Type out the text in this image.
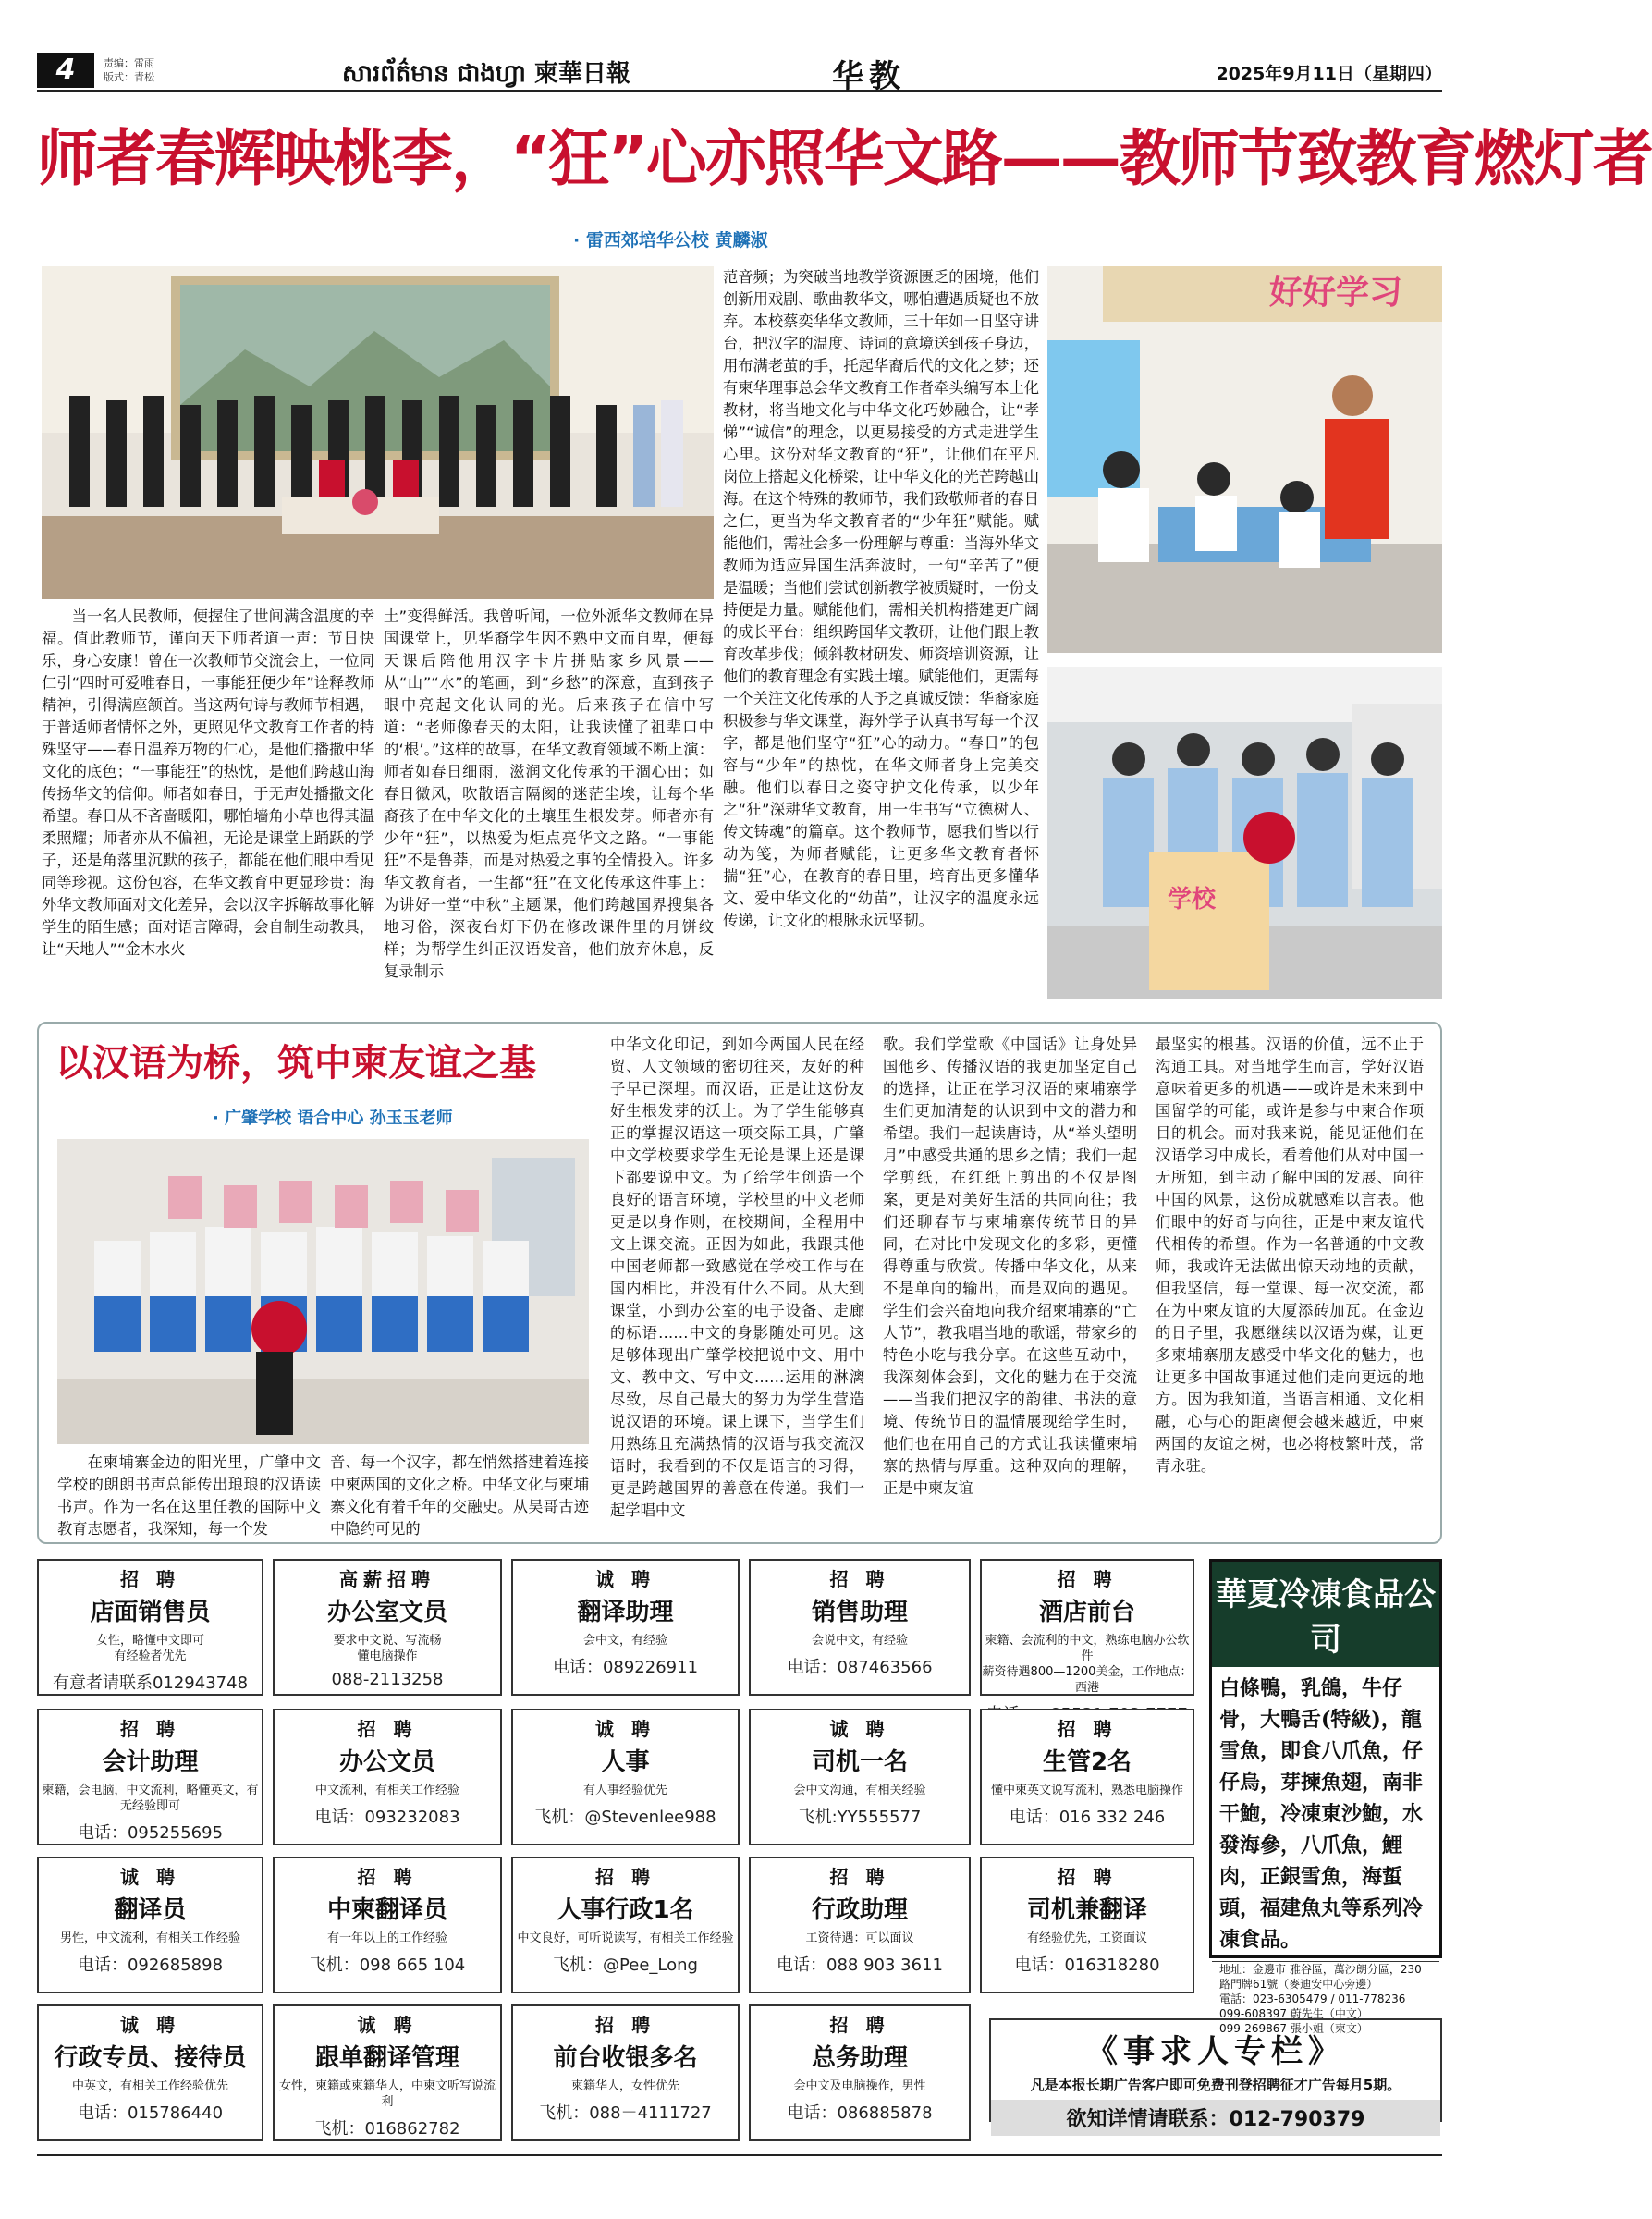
4	责编：雷雨
版式：青松	សារព័ត៌មាន ជាងហ្វា 柬華日報	华教	2025年9月11日（星期四）
师者春辉映桃李，“狂”心亦照华文路——教师节致教育燃灯者
· 雷西郊培华公校 黄麟淑
好好学习
学校

当一名人民教师，便握住了世间满含温度的幸福。值此教师节，谨向天下师者道一声：节日快乐，身心安康！曾在一次教师节交流会上，一位同仁引“四时可爱唯春日，一事能狂便少年”诠释教师精神，引得满座颔首。当这两句诗与教师节相遇，于普适师者情怀之外，更照见华文教育工作者的特殊坚守——春日温养万物的仁心，是他们播撒中华文化的底色；“一事能狂”的热忱，是他们跨越山海传扬华文的信仰。师者如春日，于无声处播撒文化希望。春日从不吝啬暖阳，哪怕墙角小草也得其温柔照耀；师者亦从不偏袒，无论是课堂上踊跃的学子，还是角落里沉默的孩子，都能在他们眼中看见同等珍视。这份包容，在华文教育中更显珍贵：海外华文教师面对文化差异，会以汉字拆解故事化解学生的陌生感；面对语言障碍，会自制生动教具，让“天地人”“金木水火

土”变得鲜活。我曾听闻，一位外派华文教师在异国课堂上，见华裔学生因不熟中文而自卑，便每天课后陪他用汉字卡片拼贴家乡风景——从“山”“水”的笔画，到“乡愁”的深意，直到孩子眼中亮起文化认同的光。后来孩子在信中写道：“老师像春天的太阳，让我读懂了祖辈口中的‘根’。”这样的故事，在华文教育领域不断上演：师者如春日细雨，滋润文化传承的干涸心田；如春日微风，吹散语言隔阂的迷茫尘埃，让每个华裔孩子在中华文化的土壤里生根发芽。师者亦有少年“狂”，以热爱为炬点亮华文之路。“一事能狂”不是鲁莽，而是对热爱之事的全情投入。许多华文教育者，一生都“狂”在文化传承这件事上：为讲好一堂“中秋”主题课，他们跨越国界搜集各地习俗，深夜台灯下仍在修改课件里的月饼纹样；为帮学生纠正汉语发音，他们放弃休息，反复录制示

范音频；为突破当地教学资源匮乏的困境，他们创新用戏剧、歌曲教华文，哪怕遭遇质疑也不放弃。本校蔡奕华华文教师，三十年如一日坚守讲台，把汉字的温度、诗词的意境送到孩子身边，用布满老茧的手，托起华裔后代的文化之梦；还有柬华理事总会华文教育工作者牵头编写本土化教材，将当地文化与中华文化巧妙融合，让“孝悌”“诚信”的理念，以更易接受的方式走进学生心里。这份对华文教育的“狂”，让他们在平凡岗位上搭起文化桥梁，让中华文化的光芒跨越山海。在这个特殊的教师节，我们致敬师者的春日之仁，更当为华文教育者的“少年狂”赋能。赋能他们，需社会多一份理解与尊重：当海外华文教师为适应异国生活奔波时，一句“辛苦了”便是温暖；当他们尝试创新教学被质疑时，一份支持便是力量。赋能他们，需相关机构搭建更广阔的成长平台：组织跨国华文教研，让他们跟上教育改革步伐；倾斜教材研发、师资培训资源，让他们的教育理念有实践土壤。赋能他们，更需每一个关注文化传承的人予之真诚反馈：华裔家庭积极参与华文课堂，海外学子认真书写每一个汉字，都是他们坚守“狂”心的动力。“春日”的包容与“少年”的热忱，在华文师者身上完美交融。他们以春日之姿守护文化传承，以少年之“狂”深耕华文教育，用一生书写“立德树人、传文铸魂”的篇章。这个教师节，愿我们皆以行动为笺，为师者赋能，让更多华文教育者怀揣“狂”心，在教育的春日里，培育出更多懂华文、爱中华文化的“幼苗”，让汉字的温度永远传递，让文化的根脉永远坚韧。

以汉语为桥，筑中柬友谊之基
· 广肇学校 语合中心 孙玉玉老师

在柬埔寨金边的阳光里，广肇中文学校的朗朗书声总能传出琅琅的汉语读书声。作为一名在这里任教的国际中文教育志愿者，我深知，每一个发

音、每一个汉字，都在悄然搭建着连接中柬两国的文化之桥。中华文化与柬埔寨文化有着千年的交融史。从吴哥古迹中隐约可见的

中华文化印记，到如今两国人民在经贸、人文领域的密切往来，友好的种子早已深埋。而汉语，正是让这份友好生根发芽的沃土。为了学生能够真正的掌握汉语这一项交际工具，广肇中文学校要求学生无论是课上还是课下都要说中文。为了给学生创造一个良好的语言环境，学校里的中文老师更是以身作则，在校期间，全程用中文上课交流。正因为如此，我跟其他中国老师都一致感觉在学校工作与在国内相比，并没有什么不同。从大到课堂，小到办公室的电子设备、走廊的标语……中文的身影随处可见。这足够体现出广肇学校把说中文、用中文、教中文、写中文……运用的淋漓尽致，尽自己最大的努力为学生营造说汉语的环境。课上课下，当学生们用熟练且充满热情的汉语与我交流汉语时，我看到的不仅是语言的习得，更是跨越国界的善意在传递。我们一起学唱中文

歌。我们学堂歌《中国话》让身处异国他乡、传播汉语的我更加坚定自己的选择，让正在学习汉语的柬埔寨学生们更加清楚的认识到中文的潜力和希望。我们一起读唐诗，从“举头望明月”中感受共通的思乡之情；我们一起学剪纸，在红纸上剪出的不仅是图案，更是对美好生活的共同向往；我们还聊春节与柬埔寨传统节日的异同，在对比中发现文化的多彩，更懂得尊重与欣赏。传播中华文化，从来不是单向的输出，而是双向的遇见。学生们会兴奋地向我介绍柬埔寨的“亡人节”，教我唱当地的歌谣，带家乡的特色小吃与我分享。在这些互动中，我深刻体会到，文化的魅力在于交流——当我们把汉字的韵律、书法的意境、传统节日的温情展现给学生时，他们也在用自己的方式让我读懂柬埔寨的热情与厚重。这种双向的理解，正是中柬友谊

最坚实的根基。汉语的价值，远不止于沟通工具。对当地学生而言，学好汉语意味着更多的机遇——或许是未来到中国留学的可能，或许是参与中柬合作项目的机会。而对我来说，能见证他们在汉语学习中成长，看着他们从对中国一无所知，到主动了解中国的发展、向往中国的风景，这份成就感难以言表。他们眼中的好奇与向往，正是中柬友谊代代相传的希望。作为一名普通的中文教师，我或许无法做出惊天动地的贡献，但我坚信，每一堂课、每一次交流，都在为中柬友谊的大厦添砖加瓦。在金边的日子里，我愿继续以汉语为媒，让更多柬埔寨朋友感受中华文化的魅力，也让更多中国故事通过他们走向更远的地方。因为我知道，当语言相通、文化相融，心与心的距离便会越来越近，中柬两国的友谊之树，也必将枝繁叶茂，常青永驻。

招 聘
店面销售员
女性，略懂中文即可
有经验者优先
有意者请联系012943748
高薪招聘
办公室文员
要求中文说、写流畅
懂电脑操作
088-2113258
诚 聘
翻译助理
会中文，有经验
电话：089226911
招 聘
销售助理
会说中文，有经验
电话：087463566
招 聘
酒店前台
柬籍、会流利的中文，熟练电脑办公软件
薪资待遇800—1200美金，工作地点：西港
招 聘
会计助理
柬籍，会电脑，中文流利，略懂英文，有无经验即可
电话：095255695
招 聘
办公文员
中文流利，有相关工作经验
电话：093232083
诚 聘
人事
有人事经验优先
飞机：@Stevenlee988
诚 聘
司机一名
会中文沟通，有相关经验
飞机:YY555577
招 聘
生管2名
懂中柬英文说写流利，熟悉电脑操作
电话：016 332 246
诚 聘
翻译员
男性，中文流利，有相关工作经验
电话：092685898
招 聘
中柬翻译员
有一年以上的工作经验
飞机：098 665 104
招 聘
人事行政1名
中文良好，可听说读写，有相关工作经验
飞机：@Pee_Long
招 聘
行政助理
工资待遇：可以面议
电话：088 903 3611
招 聘
司机兼翻译
有经验优先，工资面议
电话：016318280
诚 聘
行政专员、接待员
中英文，有相关工作经验优先
电话：015786440
诚 聘
跟单翻译管理
女性，柬籍或柬籍华人，中柬文听写说流利
飞机：016862782
招 聘
前台收银多名
柬籍华人，女性优先
飞机：088－4111727
招 聘
总务助理
会中文及电脑操作，男性
电话：086885878
華夏冷凍食品公司
白條鴨，乳鴿，牛仔骨，大鴨舌(特級)，龍雪魚，即食八爪魚，仔仔烏，芽揀魚翅，南非干鮑，冷凍東沙鮑，水發海參，八爪魚，鯉肉，正銀雪魚，海蜇頭，福建魚丸等系列冷凍食品。
地址：金邊市 雅谷區，萬沙朗分區，230路門牌61號（麥迪安中心旁邊）
電話：023-6305479 / 011-778236
099-608397 蔚先生（中文）
099-269867 張小姐（柬文）
《事求人专栏》
凡是本报长期广告客户即可免费刊登招聘征才广告每月5期。
欲知详情请联系：012-790379
